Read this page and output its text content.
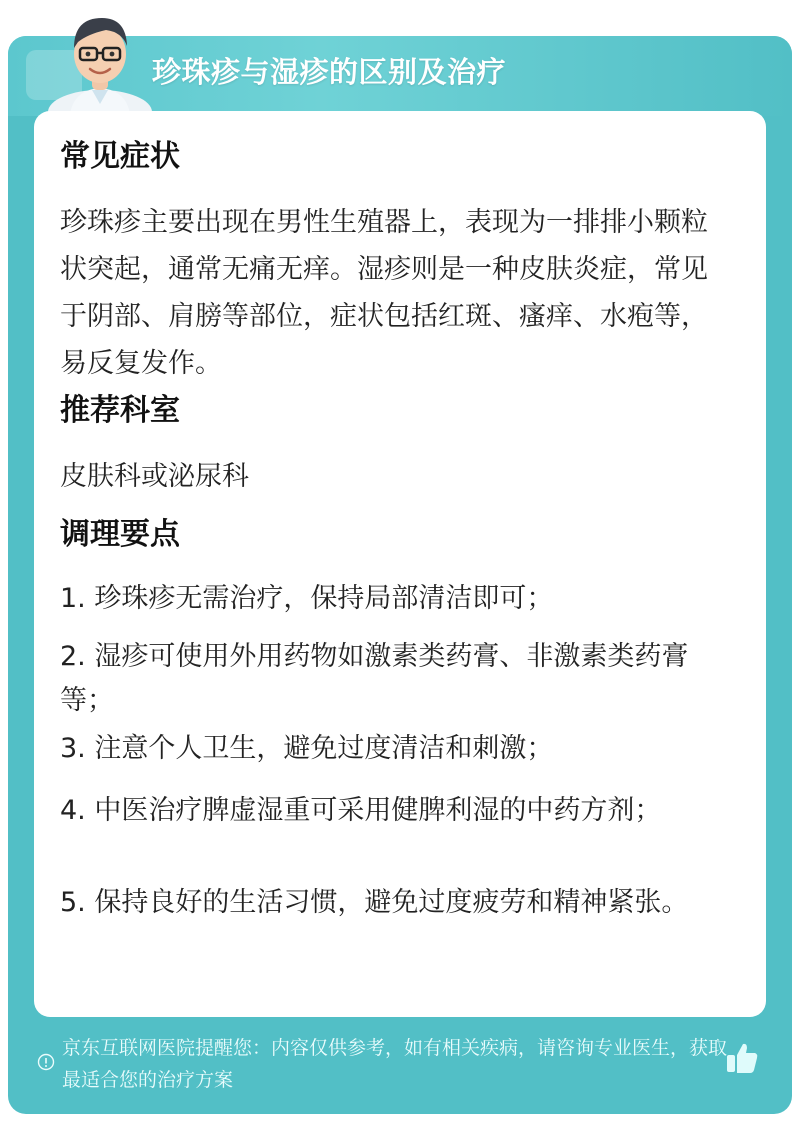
珍珠疹与湿疹的区别及治疗
常见症状

珍珠疹主要出现在男性生殖器上，表现为一排排小颗粒状突起，通常无痛无痒。湿疹则是一种皮肤炎症，常见于阴部、肩膀等部位，症状包括红斑、瘙痒、水疱等，易反复发作。

推荐科室

皮肤科或泌尿科

调理要点

1. 珍珠疹无需治疗，保持局部清洁即可；

2. 湿疹可使用外用药物如激素类药膏、非激素类药膏等；

3. 注意个人卫生，避免过度清洁和刺激；

4. 中医治疗脾虚湿重可采用健脾利湿的中药方剂；

5. 保持良好的生活习惯，避免过度疲劳和精神紧张。

京东互联网医院提醒您：内容仅供参考，如有相关疾病，请咨询专业医生，获取最适合您的治疗方案
